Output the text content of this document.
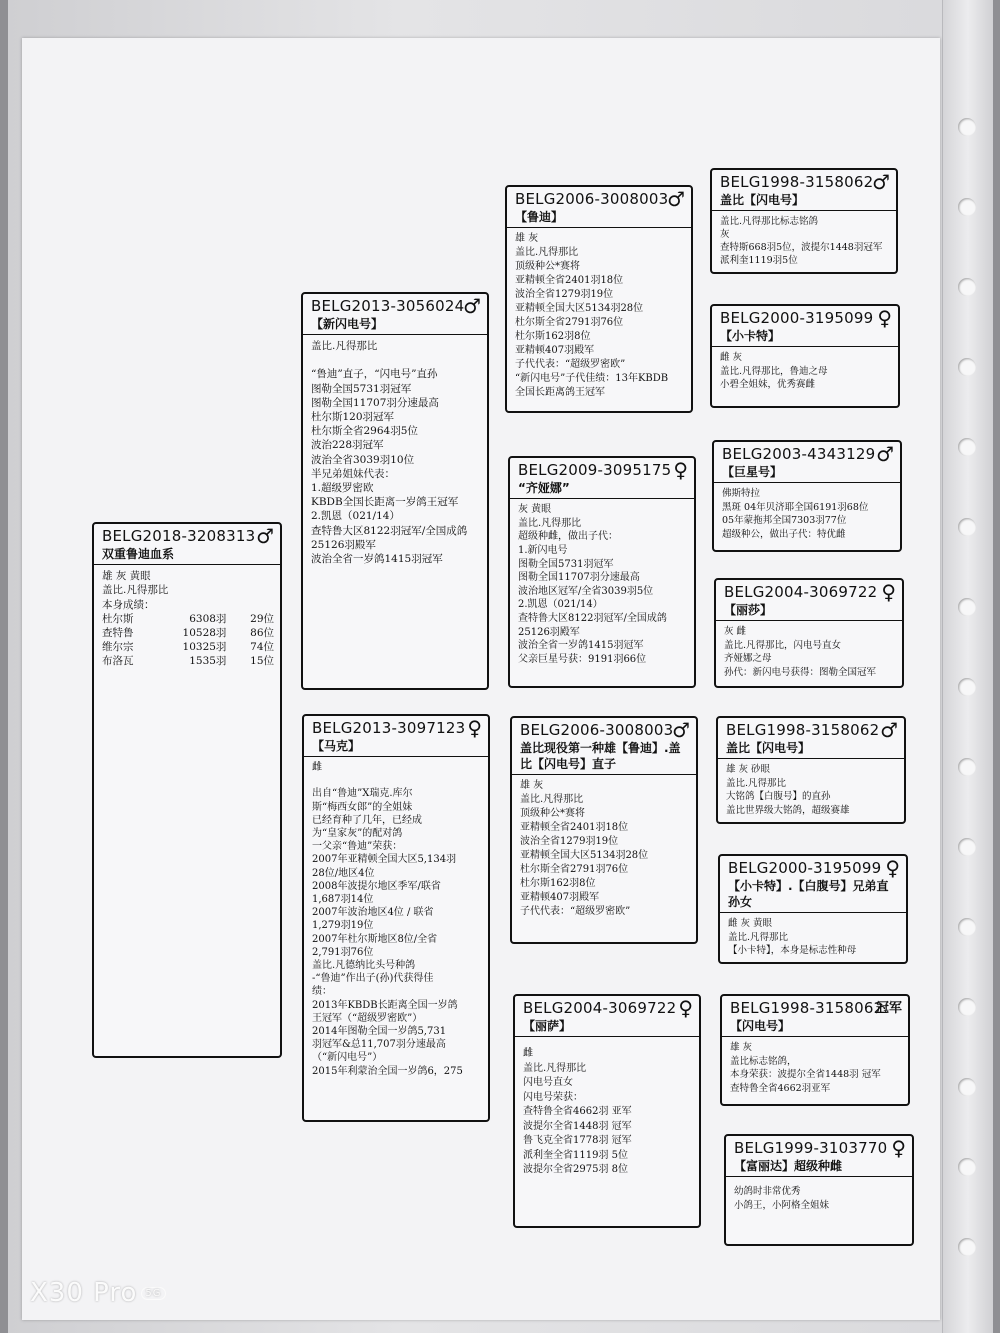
BELG2018-3208313 ♂
双重鲁迪血系
雄 灰 黄眼
盖比.凡得那比
本身成绩：
杜尔斯	6308羽	29位
查特鲁	10528羽	86位
维尔宗	10325羽	74位
布洛瓦	1535羽	15位
BELG2013-3056024
♂
【新闪电号】
盖比.凡得那比
“鲁迪”直子，“闪电号”直孙
图勒全国5731羽冠军
图勒全国11707羽分速最高
杜尔斯120羽冠军
杜尔斯全省2964羽5位
波治228羽冠军
波治全省3039羽10位
半兄弟姐妹代表：
1.超级罗密欧
KBDB全国长距离一岁鸽王冠军
2.凯恩（021/14）
查特鲁大区8122羽冠军/全国成鸽
25126羽殿军
波治全省一岁鸽1415羽冠军
BELG2013-3097123 ♀
【马克】
雌
出自“鲁迪”X瑞克.库尔
斯“梅西女郎”的全姐妹
已经育种了几年，已经成
为“皇家灰”的配对鸽
一父亲“鲁迪”荣获：
2007年亚精顿全国大区5,134羽
28位/地区4位
2008年波提尔地区季军/联省
1,687羽14位
2007年波治地区4位 / 联省
1,279羽19位
2007年杜尔斯地区8位/全省
2,791羽76位
盖比.凡德纳比头号种鸽
-“鲁迪”作出子(孙)代获得佳
绩：
2013年KBDB长距离全国一岁鸽
王冠军（“超级罗密欧”）
2014年图勒全国一岁鸽5,731
羽冠军&总11,707羽分速最高
（“新闪电号”）
2015年利蒙治全国一岁鸽6，275
BELG2006-3008003
♂
【鲁迪】
雄 灰
盖比.凡得那比
顶级种公*赛将
亚精顿全省2401羽18位
波治全省1279羽19位
亚精顿全国大区5134羽28位
杜尔斯全省2791羽76位
杜尔斯162羽8位
亚精顿407羽殿军
子代代表：“超级罗密欧”
“新闪电号”子代佳绩：13年KBDB
全国长距离鸽王冠军
BELG2009-3095175 ♀
“齐娅娜”
灰 黄眼
盖比.凡得那比
超级种雌，做出子代：
1.新闪电号
图勒全国5731羽冠军
图勒全国11707羽分速最高
波治地区冠军/全省3039羽5位
2.凯恩（021/14）
查特鲁大区8122羽冠军/全国成鸽
25126羽殿军
波治全省一岁鸽1415羽冠军
父亲巨星号获：9191羽66位
BELG2006-3008003
♂
盖比现役第一种雄【鲁迪】.盖比【闪电号】直子
雄 灰
盖比.凡得那比
顶级种公*赛将
亚精顿全省2401羽18位
波治全省1279羽19位
亚精顿全国大区5134羽28位
杜尔斯全省2791羽76位
杜尔斯162羽8位
亚精顿407羽殿军
子代代表：“超级罗密欧”
BELG2004-3069722 ♀
【丽萨】
雌
盖比.凡得那比
闪电号直女
闪电号荣获：
查特鲁全省4662羽 亚军
波提尔全省1448羽 冠军
鲁飞克全省1778羽 冠军
派利奎全省1119羽 5位
波提尔全省2975羽 8位
BELG1998-3158062
♂
盖比【闪电号】
盖比.凡得那比标志铭鸽
灰
查特斯668羽5位，波提尔1448羽冠军
派利奎1119羽5位
BELG2000-3195099 ♀
【小卡特】
雌 灰
盖比.凡得那比，鲁迪之母
小碧全姐妹，优秀赛雌
BELG2003-4343129 ♂
【巨星号】
佛斯特拉
黑斑 04年贝济耶全国6191羽68位
05年蒙拖邦全国7303羽77位
超级种公，做出子代：特优雌
BELG2004-3069722 ♀
【丽莎】
灰 雌
盖比.凡得那比，闪电号直女
齐娅娜之母
孙代：新闪电号获得：图勒全国冠军
BELG1998-3158062 ♂
盖比【闪电号】
雄 灰 砂眼
盖比.凡得那比
大铭鸽【白腹号】的直孙
盖比世界级大铭鸽，超级赛雄
BELG2000-3195099 ♀
【小卡特】.【白腹号】兄弟直孙女
雌 灰 黄眼
盖比.凡得那比
【小卡特】，本身是标志性种母
BELG1998-3158062
冠军
【闪电号】
雄 灰
盖比标志铭鸽，
本身荣获：波提尔全省1448羽 冠军
查特鲁全省4662羽亚军
BELG1999-3103770 ♀
【富丽达】超级种雌
幼鸽时非常优秀
小鸽王，小阿格全姐妹
X30 Pro 5G
